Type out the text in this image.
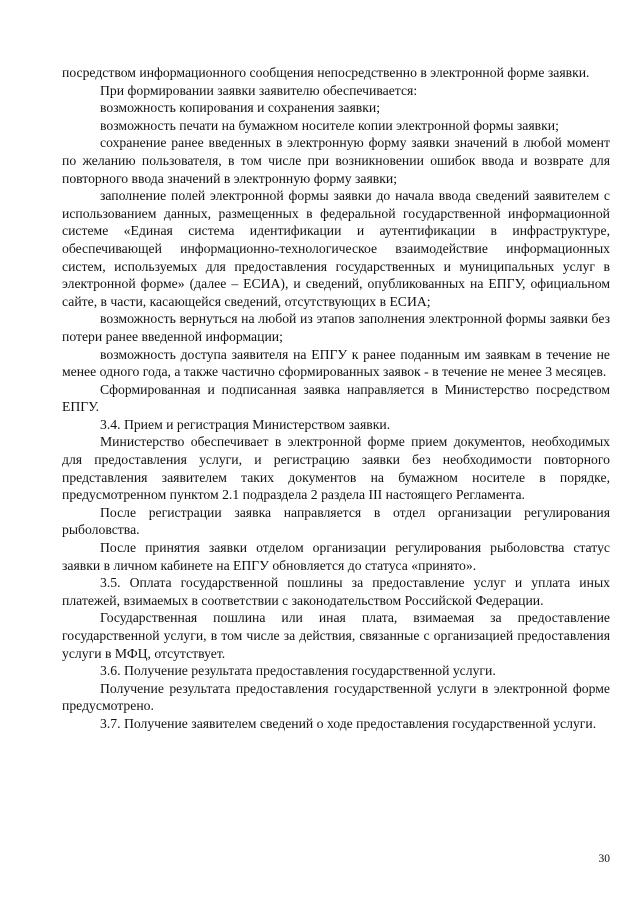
посредством информационного сообщения непосредственно в электронной форме заявки.

При формировании заявки заявителю обеспечивается:

возможность копирования и сохранения заявки;

возможность печати на бумажном носителе копии электронной формы заявки;

сохранение ранее введенных в электронную форму заявки значений в любой момент по желанию пользователя, в том числе при возникновении ошибок ввода и возврате для повторного ввода значений в электронную форму заявки;

заполнение полей электронной формы заявки до начала ввода сведений заявителем с использованием данных, размещенных в федеральной государственной информационной системе «Единая система идентификации и аутентификации в инфраструктуре, обеспечивающей информационно-технологическое взаимодействие информационных систем, используемых для предоставления государственных и муниципальных услуг в электронной форме» (далее – ЕСИА), и сведений, опубликованных на ЕПГУ, официальном сайте, в части, касающейся сведений, отсутствующих в ЕСИА;

возможность вернуться на любой из этапов заполнения электронной формы заявки без потери ранее введенной информации;

возможность доступа заявителя на ЕПГУ к ранее поданным им заявкам в течение не менее одного года, а также частично сформированных заявок - в течение не менее 3 месяцев.

Сформированная и подписанная заявка направляется в Министерство посредством ЕПГУ.

3.4. Прием и регистрация Министерством заявки.

Министерство обеспечивает в электронной форме прием документов, необходимых для предоставления услуги, и регистрацию заявки без необходимости повторного представления заявителем таких документов на бумажном носителе в порядке, предусмотренном пунктом 2.1 подраздела 2 раздела III настоящего Регламента.

После регистрации заявка направляется в отдел организации регулирования рыболовства.

После принятия заявки отделом организации регулирования рыболовства статус заявки в личном кабинете на ЕПГУ обновляется до статуса «принято».

3.5. Оплата государственной пошлины за предоставление услуг и уплата иных платежей, взимаемых в соответствии с законодательством Российской Федерации.

Государственная пошлина или иная плата, взимаемая за предоставление государственной услуги, в том числе за действия, связанные с организацией предоставления услуги в МФЦ, отсутствует.

3.6. Получение результата предоставления государственной услуги.

Получение результата предоставления государственной услуги в электронной форме предусмотрено.

3.7. Получение заявителем сведений о ходе предоставления государственной услуги.

30
